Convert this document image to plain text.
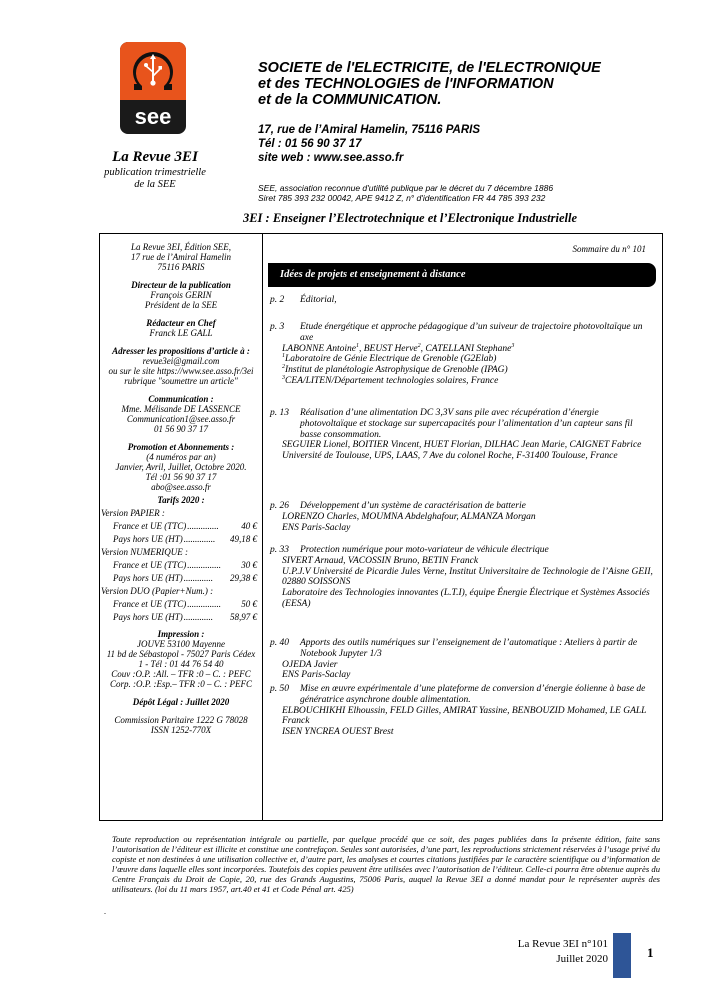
see
La Revue 3EI
publication trimestrielle
de la SEE
SOCIETE de l'ELECTRICITE, de l'ELECTRONIQUE
et des TECHNOLOGIES de l'INFORMATION
et de la COMMUNICATION.
17, rue de l’Amiral Hamelin, 75116 PARIS
Tél : 01 56 90 37 17
site web : www.see.asso.fr
SEE, association reconnue d'utilité publique par le décret du 7 décembre 1886
Siret 785 393 232 00042, APE 9412 Z, n° d'identification FR 44 785 393 232
3EI : Enseigner l’Electrotechnique et l’Electronique Industrielle
La Revue 3EI, Édition SEE,
17 rue de l’Amiral Hamelin
75116 PARIS
Directeur de la publication
François GERIN
Président de la SEE
Rédacteur en Chef
Franck LE GALL
Adresser les propositions d’article à :
revue3ei@gmail.com
ou sur le site https://www.see.asso.fr/3ei
rubrique "soumettre un article"
Communication :
Mme. Mélisande DE LASSENCE
Communication1@see.asso.fr
01 56 90 37 17
Promotion et Abonnements :
(4 numéros par an)
Janvier, Avril, Juillet, Octobre 2020.
Tél :01 56 90 37 17
abo@see.asso.fr
Tarifs 2020 :
Version PAPIER :
France et UE (TTC) ..............	40 €
Pays hors UE (HT) ..............	49,18 €
Version NUMERIQUE :
France et UE (TTC) ...............	30 €
Pays hors UE (HT) .............	29,38 €
Version DUO (Papier+Num.) :
France et UE (TTC) ...............	50 €
Pays hors UE (HT) .............	58,97 €
Impression :
JOUVE 53100 Mayenne
11 bd de Sébastopol - 75027 Paris Cédex
1 - Tél : 01 44 76 54 40
Couv :O.P. :All. – TFR :0 – C. : PEFC
Corp. :O.P. :Esp.– TFR :0 – C. : PEFC
Dépôt Légal : Juillet 2020
Commission Paritaire 1222 G 78028
ISSN 1252-770X
Sommaire du n° 101
Idées de projets et enseignement à distance
p. 2	Éditorial,
p. 3	Etude énergétique et approche pédagogique d’un suiveur de trajectoire photovoltaïque un axe
LABONNE Antoine$^1$, BEUST Herve$^2$, CATELLANI Stephane$^3$
$^1$Laboratoire de Génie Electrique de Grenoble (G2Elab)
$^2$Institut de planétologie Astrophysique de Grenoble (IPAG)
$^3$CEA/LITEN/Département technologies solaires, France
p. 13	Réalisation d’une alimentation DC 3,3V sans pile avec récupération d’énergie photovoltaïque et stockage sur supercapacités pour l’alimentation d’un capteur sans fil basse consommation.
SEGUIER Lionel, BOITIER Vincent, HUET Florian, DILHAC Jean Marie, CAIGNET Fabrice
Université de Toulouse, UPS, LAAS, 7 Ave du colonel Roche, F-31400 Toulouse, France
p. 26	Développement d’un système de caractérisation de batterie
LORENZO Charles, MOUMNA Abdelghafour, ALMANZA Morgan
ENS Paris-Saclay
p. 33	Protection numérique pour moto-variateur de véhicule électrique
SIVERT Arnaud, VACOSSIN Bruno, BETIN Franck
U.P.J.V Université de Picardie Jules Verne, Institut Universitaire de Technologie de l’Aisne GEII, 02880 SOISSONS
Laboratoire des Technologies innovantes (L.T.I), équipe Énergie Électrique et Systèmes Associés (EESA)
p. 40	Apports des outils numériques sur l’enseignement de l’automatique : Ateliers à partir de Notebook Jupyter 1/3
OJEDA Javier
ENS Paris-Saclay
p. 50	Mise en œuvre expérimentale d’une plateforme de conversion d’énergie éolienne à base de génératrice asynchrone double alimentation.
ELBOUCHIKHI Elhoussin, FELD Gilles, AMIRAT Yassine, BENBOUZID Mohamed, LE GALL Franck
ISEN YNCREA OUEST Brest
Toute reproduction ou représentation intégrale ou partielle, par quelque procédé que ce soit, des pages publiées dans la présente édition, faite sans l’autorisation de l’éditeur est illicite et constitue une contrefaçon. Seules sont autorisées, d’une part, les reproductions strictement réservées à l’usage privé du copiste et non destinées à une utilisation collective et, d’autre part, les analyses et courtes citations justifiées par le caractère scientifique ou d’information de l’œuvre dans laquelle elles sont incorporées. Toutefois des copies peuvent être utilisées avec l’autorisation de l’éditeur. Celle-ci pourra être obtenue auprès du Centre Français du Droit de Copie, 20, rue des Grands Augustins, 75006 Paris, auquel la Revue 3EI a donné mandat pour le représenter auprès des utilisateurs. (loi du 11 mars 1957, art.40 et 41 et Code Pénal art. 425)
.
La Revue 3EI n°101
Juillet 2020	1
